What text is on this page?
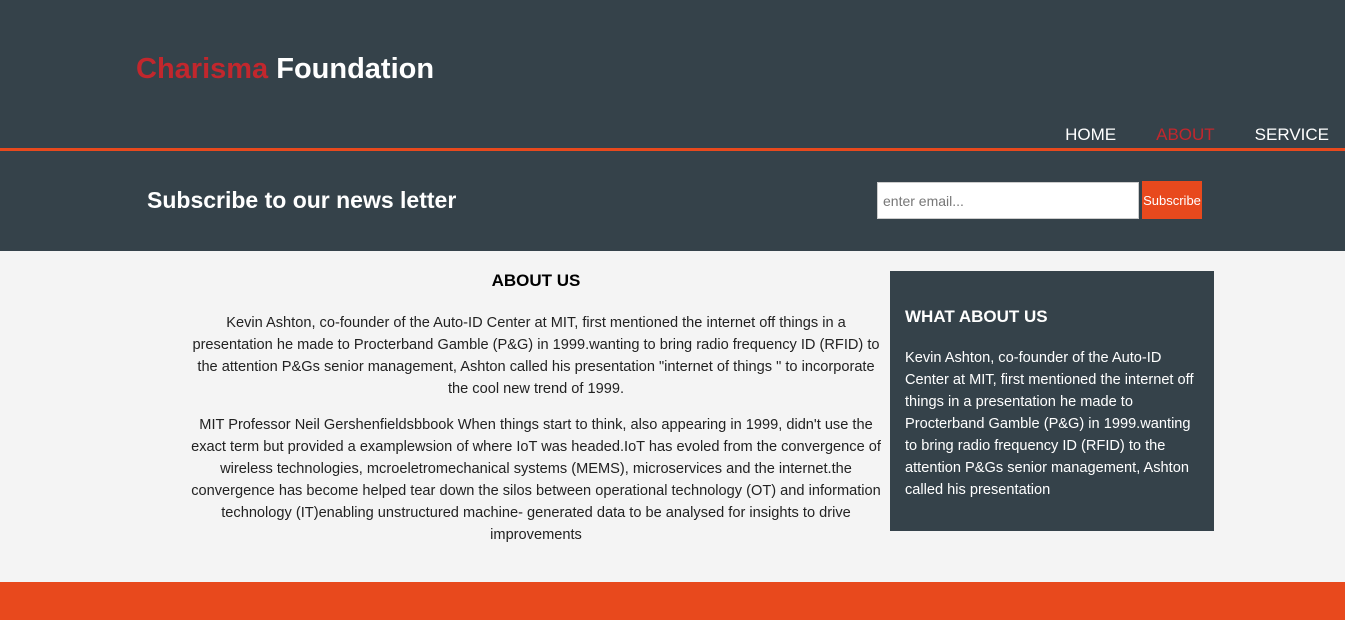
Charisma Foundation
HOME ABOUT SERVICE
Subscribe to our news letter
enter email...	Subscribe
ABOUT US

Kevin Ashton, co-founder of the Auto-ID Center at MIT, first mentioned the internet off things in a presentation he made to Procterband Gamble (P&G) in 1999.wanting to bring radio frequency ID (RFID) to the attention P&Gs senior management, Ashton called his presentation "internet of things " to incorporate the cool new trend of 1999.

MIT Professor Neil Gershenfieldsbbook When things start to think, also appearing in 1999, didn't use the exact term but provided a examplewsion of where IoT was headed.IoT has evoled from the convergence of wireless technologies, mcroeletromechanical systems (MEMS), microservices and the internet.the convergence has become helped tear down the silos between operational technology (OT) and information technology (IT)enabling unstructured machine- generated data to be analysed for insights to drive improvements

WHAT ABOUT US

Kevin Ashton, co-founder of the Auto-ID Center at MIT, first mentioned the internet off things in a presentation he made to Procterband Gamble (P&G) in 1999.wanting to bring radio frequency ID (RFID) to the attention P&Gs senior management, Ashton called his presentation
